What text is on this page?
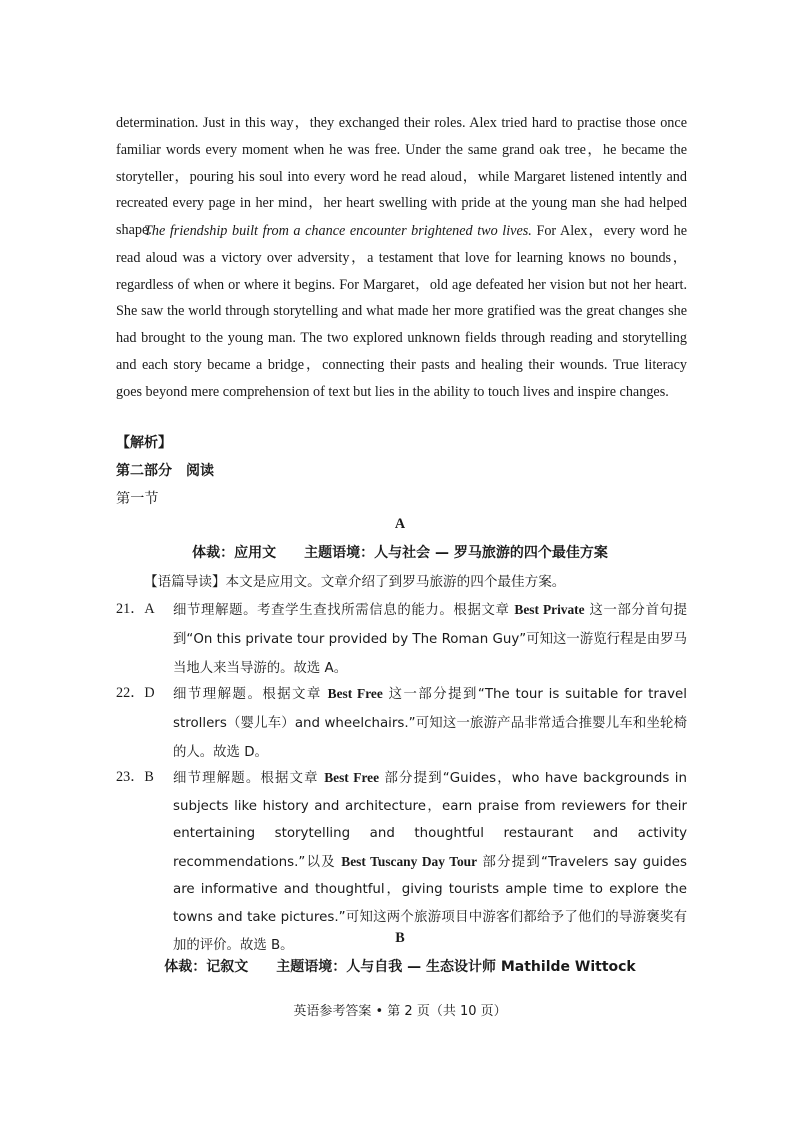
determination. Just in this way，they exchanged their roles. Alex tried hard to practise those once familiar words every moment when he was free. Under the same grand oak tree，he became the storyteller，pouring his soul into every word he read aloud，while Margaret listened intently and recreated every page in her mind，her heart swelling with pride at the young man she had helped shape.

The friendship built from a chance encounter brightened two lives. For Alex，every word he read aloud was a victory over adversity，a testament that love for learning knows no bounds，regardless of when or where it begins. For Margaret，old age defeated her vision but not her heart. She saw the world through storytelling and what made her more gratified was the great changes she had brought to the young man. The two explored unknown fields through reading and storytelling and each story became a bridge，connecting their pasts and healing their wounds. True literacy goes beyond mere comprehension of text but lies in the ability to touch lives and inspire changes.

【解析】
第二部分　阅读
第一节
A
体裁：应用文　　主题语境：人与社会 — 罗马旅游的四个最佳方案
【语篇导读】本文是应用文。文章介绍了到罗马旅游的四个最佳方案。
21．A 细节理解题。考查学生查找所需信息的能力。根据文章 Best Private 这一部分首句提到“On this private tour provided by The Roman Guy”可知这一游览行程是由罗马当地人来当导游的。故选 A。
22．D 细节理解题。根据文章 Best Free 这一部分提到“The tour is suitable for travel strollers（婴儿车）and wheelchairs.”可知这一旅游产品非常适合推婴儿车和坐轮椅的人。故选 D。
23．B 细节理解题。根据文章 Best Free 部分提到“Guides，who have backgrounds in subjects like history and architecture，earn praise from reviewers for their entertaining storytelling and thoughtful restaurant and activity recommendations.”以及 Best Tuscany Day Tour 部分提到“Travelers say guides are informative and thoughtful，giving tourists ample time to explore the towns and take pictures.”可知这两个旅游项目中游客们都给予了他们的导游褒奖有加的评价。故选 B。	B
体裁：记叙文　　主题语境：人与自我 — 生态设计师 Mathilde Wittock
英语参考答案 • 第 2 页（共 10 页）
